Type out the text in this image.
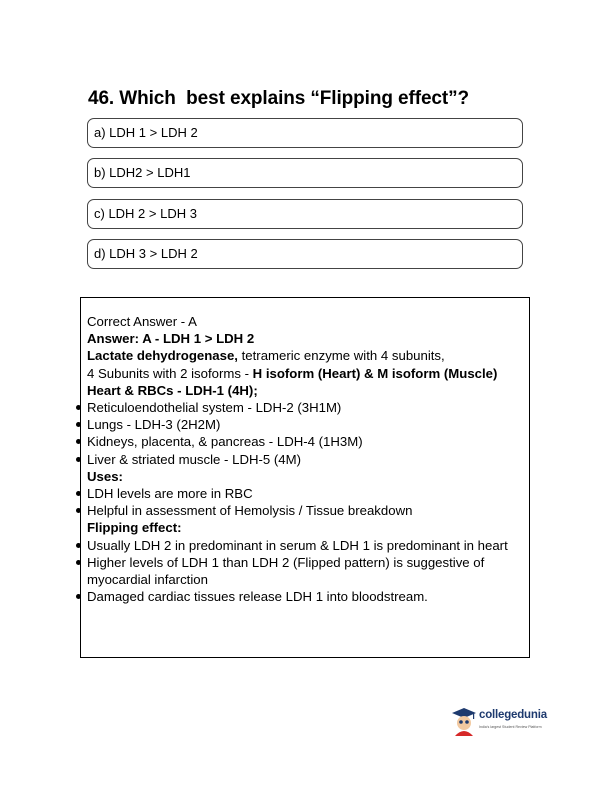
46. Which  best explains “Flipping effect”?
a) LDH 1 > LDH 2
b) LDH2 > LDH1
c) LDH 2 > LDH 3
d) LDH 3 > LDH 2
Correct Answer - A
Answer: A - LDH 1 > LDH 2
Lactate dehydrogenase, tetrameric enzyme with 4 subunits,
4 Subunits with 2 isoforms - H isoform (Heart) & M isoform (Muscle)
Heart & RBCs - LDH-1 (4H);
Reticuloendothelial system - LDH-2 (3H1M)
Lungs - LDH-3 (2H2M)
Kidneys, placenta, & pancreas - LDH-4 (1H3M)
Liver & striated muscle - LDH-5 (4M)
Uses:
LDH levels are more in RBC
Helpful in assessment of Hemolysis / Tissue breakdown
Flipping effect:
Usually LDH 2 in predominant in serum & LDH 1 is predominant in heart
Higher levels of LDH 1 than LDH 2 (Flipped pattern) is suggestive of myocardial infarction
Damaged cardiac tissues release LDH 1 into bloodstream.
collegedunia
India's largest Student Review Platform
